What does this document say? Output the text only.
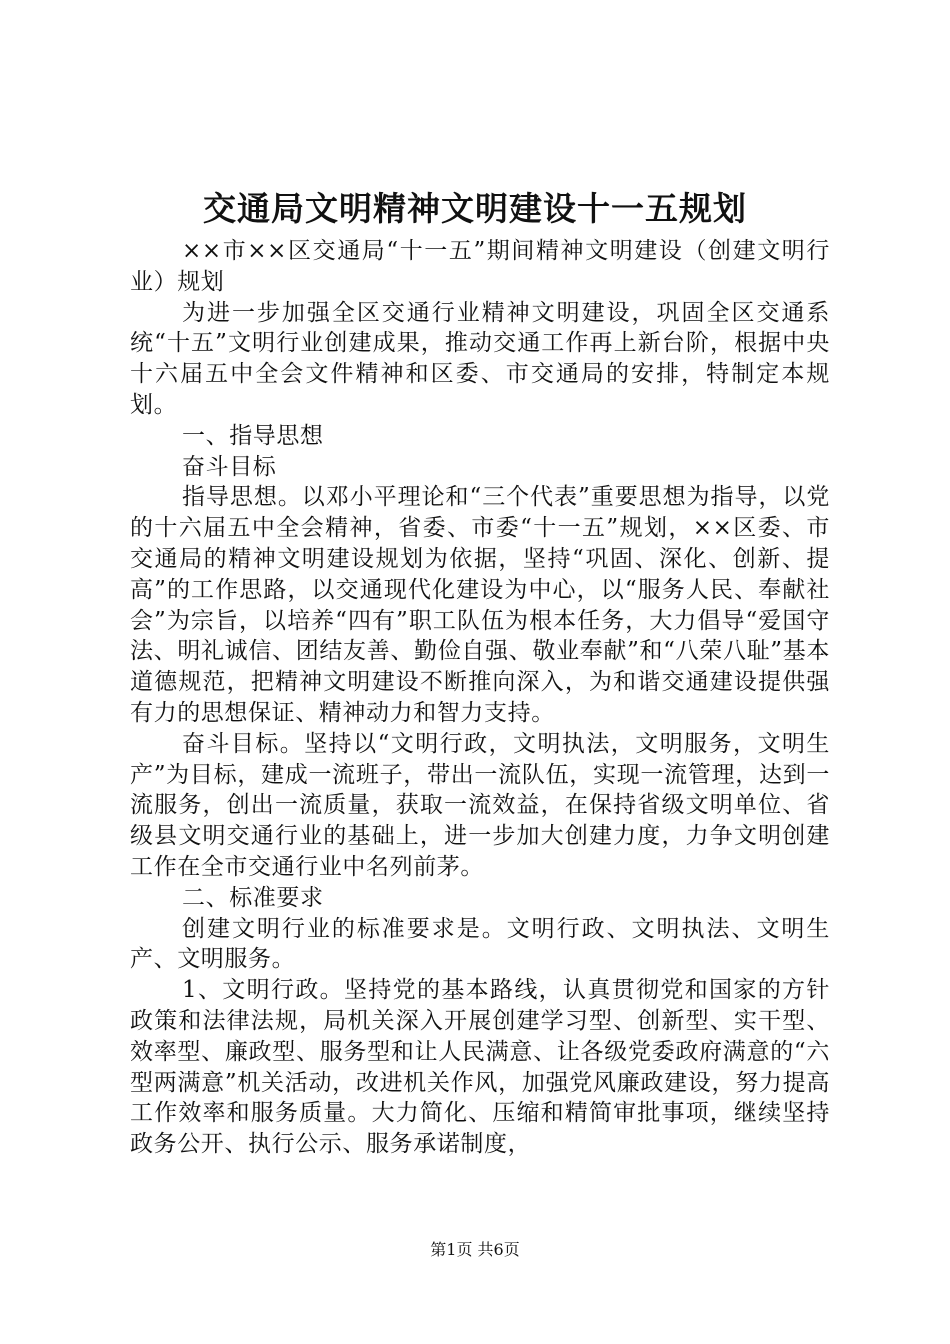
交通局文明精神文明建设十一五规划

××市××区交通局“十一五”期间精神文明建设（创建文明行业）规划

为进一步加强全区交通行业精神文明建设，巩固全区交通系统“十五”文明行业创建成果，推动交通工作再上新台阶，根据中央十六届五中全会文件精神和区委、市交通局的安排，特制定本规划。

一、指导思想

奋斗目标

指导思想。以邓小平理论和“三个代表”重要思想为指导，以党的十六届五中全会精神，省委、市委“十一五”规划，××区委、市交通局的精神文明建设规划为依据，坚持“巩固、深化、创新、提高”的工作思路，以交通现代化建设为中心，以“服务人民、奉献社会”为宗旨，以培养“四有”职工队伍为根本任务，大力倡导“爱国守法、明礼诚信、团结友善、勤俭自强、敬业奉献”和“八荣八耻”基本道德规范，把精神文明建设不断推向深入，为和谐交通建设提供强有力的思想保证、精神动力和智力支持。

奋斗目标。坚持以“文明行政，文明执法，文明服务，文明生产”为目标，建成一流班子，带出一流队伍，实现一流管理，达到一流服务，创出一流质量，获取一流效益，在保持省级文明单位、省级县文明交通行业的基础上，进一步加大创建力度，力争文明创建工作在全市交通行业中名列前茅。

二、标准要求

创建文明行业的标准要求是。文明行政、文明执法、文明生产、文明服务。

1、文明行政。坚持党的基本路线，认真贯彻党和国家的方针政策和法律法规，局机关深入开展创建学习型、创新型、实干型、效率型、廉政型、服务型和让人民满意、让各级党委政府满意的“六型两满意”机关活动，改进机关作风，加强党风廉政建设，努力提高工作效率和服务质量。大力简化、压缩和精简审批事项，继续坚持政务公开、执行公示、服务承诺制度，

第1页 共6页
